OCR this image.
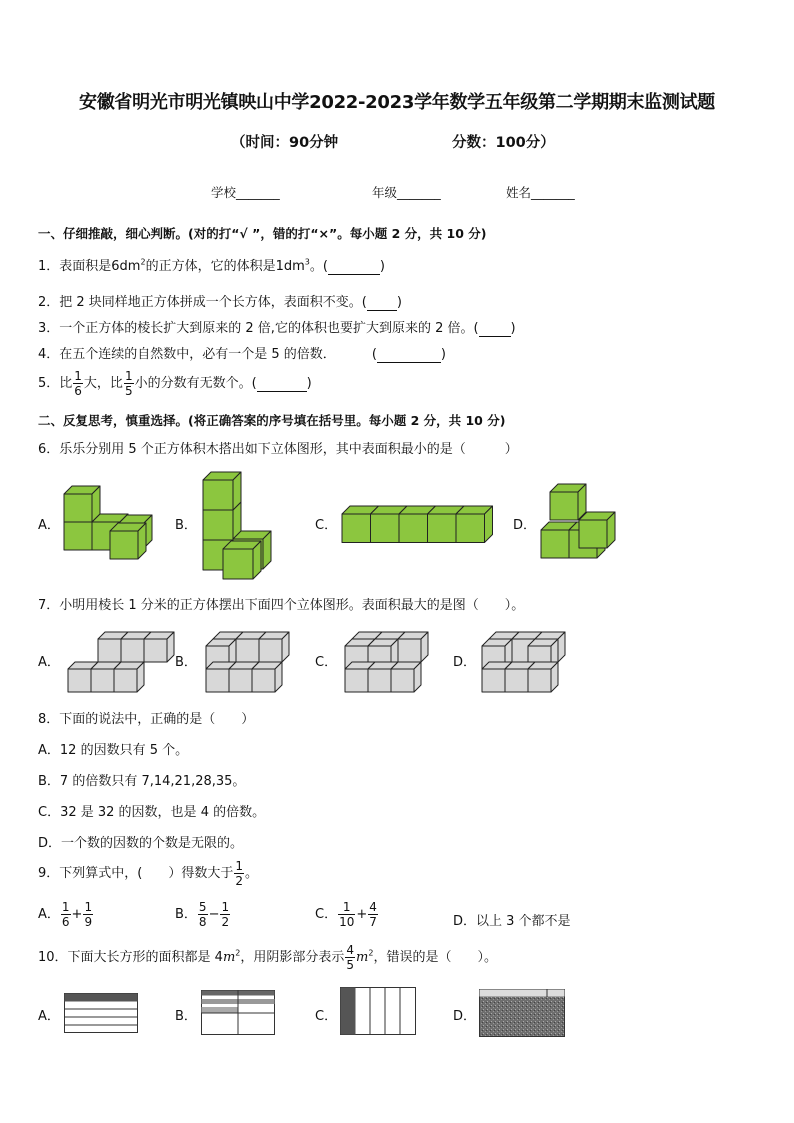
安徽省明光市明光镇映山中学2022-2023学年数学五年级第二学期期末监测试题
（时间：90分钟	分数：100分）
学校_______	年级_______	姓名_______
一、仔细推敲，细心判断。(对的打“√ ”，错的打“×”。每小题 2 分，共 10 分)
1．表面积是$6dm^2$的正方体，它的体积是$1dm^3$。(	)
2．把 2 块同样地正方体拼成一个长方体，表面积不变。( )
3．一个正方体的棱长扩大到原来的 2 倍,它的体积也要扩大到原来的 2 倍。( )
4．在五个连续的自然数中，必有一个是 5 的倍数．	(	)
5．比 $\frac{1}{6}$ 大，比 $\frac{1}{5}$ 小的分数有无数个。(	)
二、反复思考，慎重选择。(将正确答案的序号填在括号里。每小题 2 分，共 10 分)
6．乐乐分别用 5 个正方体积木搭出如下立体图形，其中表面积最小的是（　　　）
A．	B．	C．	D．
7．小明用棱长 1 分米的正方体摆出下面四个立体图形。表面积最大的是图（　　）。
A．	B．	C．	D．
8．下面的说法中，正确的是（　　）
A．12 的因数只有 5 个。
B．7 的倍数只有 7,14,21,28,35。
C．32 是 32 的因数，也是 4 的倍数。
D．一个数的因数的个数是无限的。
9．下列算式中，(　　）得数大于 $\frac{1}{2}$ 。
A． $\frac{1}{6} + \frac{1}{9}$	B． $\frac{5}{8} - \frac{1}{2}$	C． $\frac{1}{10} + \frac{4}{7}$	D．以上 3 个都不是
10．下面大长方形的面积都是 $4m^2$，用阴影部分表示 $\frac{4}{5} m^2$，错误的是（　　）。
A．	B．	C．	D．
